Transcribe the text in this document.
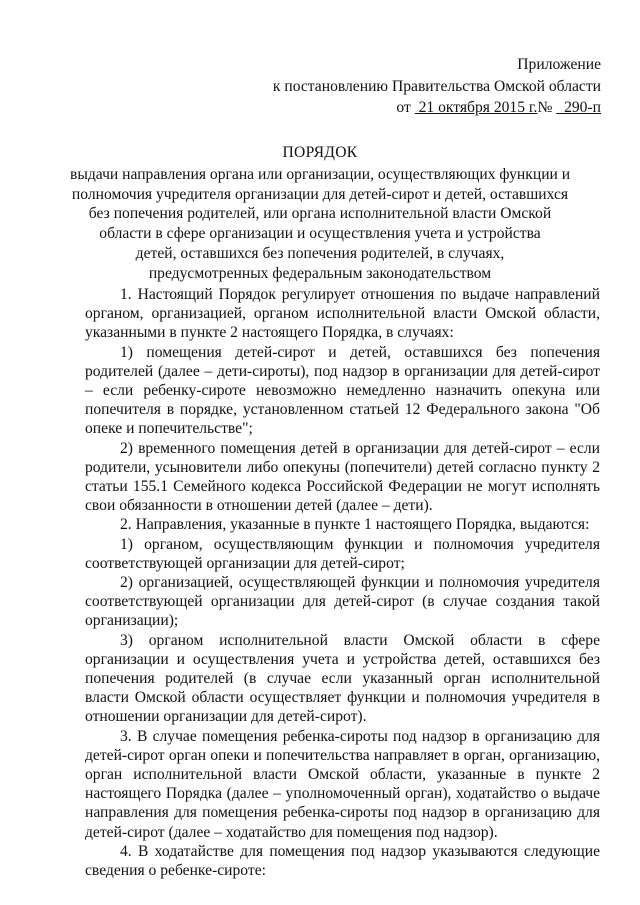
Приложение
к постановлению Правительства Омской области
от 21 октября 2015 г.№ 290-п
ПОРЯДОК
выдачи направления органа или организации, осуществляющих функции и
полномочия учредителя организации для детей-сирот и детей, оставшихся
без попечения родителей, или органа исполнительной власти Омской
области в сфере организации и осуществления учета и устройства
детей, оставшихся без попечения родителей, в случаях,
предусмотренных федеральным законодательством

1. Настоящий Порядок регулирует отношения по выдаче направлений органом, организацией, органом исполнительной власти Омской области, указанными в пункте 2 настоящего Порядка, в случаях:

1) помещения детей-сирот и детей, оставшихся без попечения родителей (далее – дети-сироты), под надзор в организации для детей-сирот – если ребенку-сироте невозможно немедленно назначить опекуна или попечителя в порядке, установленном статьей 12 Федерального закона "Об опеке и попечительстве";

2) временного помещения детей в организации для детей-сирот – если родители, усыновители либо опекуны (попечители) детей согласно пункту 2 статьи 155.1 Семейного кодекса Российской Федерации не могут исполнять свои обязанности в отношении детей (далее – дети).

2. Направления, указанные в пункте 1 настоящего Порядка, выдаются:

1) органом, осуществляющим функции и полномочия учредителя соответствующей организации для детей-сирот;

2) организацией, осуществляющей функции и полномочия учредителя соответствующей организации для детей-сирот (в случае создания такой организации);

3) органом исполнительной власти Омской области в сфере организации и осуществления учета и устройства детей, оставшихся без попечения родителей (в случае если указанный орган исполнительной власти Омской области осуществляет функции и полномочия учредителя в отношении организации для детей-сирот).

3. В случае помещения ребенка-сироты под надзор в организацию для детей-сирот орган опеки и попечительства направляет в орган, организацию, орган исполнительной власти Омской области, указанные в пункте 2 настоящего Порядка (далее – уполномоченный орган), ходатайство о выдаче направления для помещения ребенка-сироты под надзор в организацию для детей-сирот (далее – ходатайство для помещения под надзор).

4. В ходатайстве для помещения под надзор указываются следующие сведения о ребенке-сироте:
